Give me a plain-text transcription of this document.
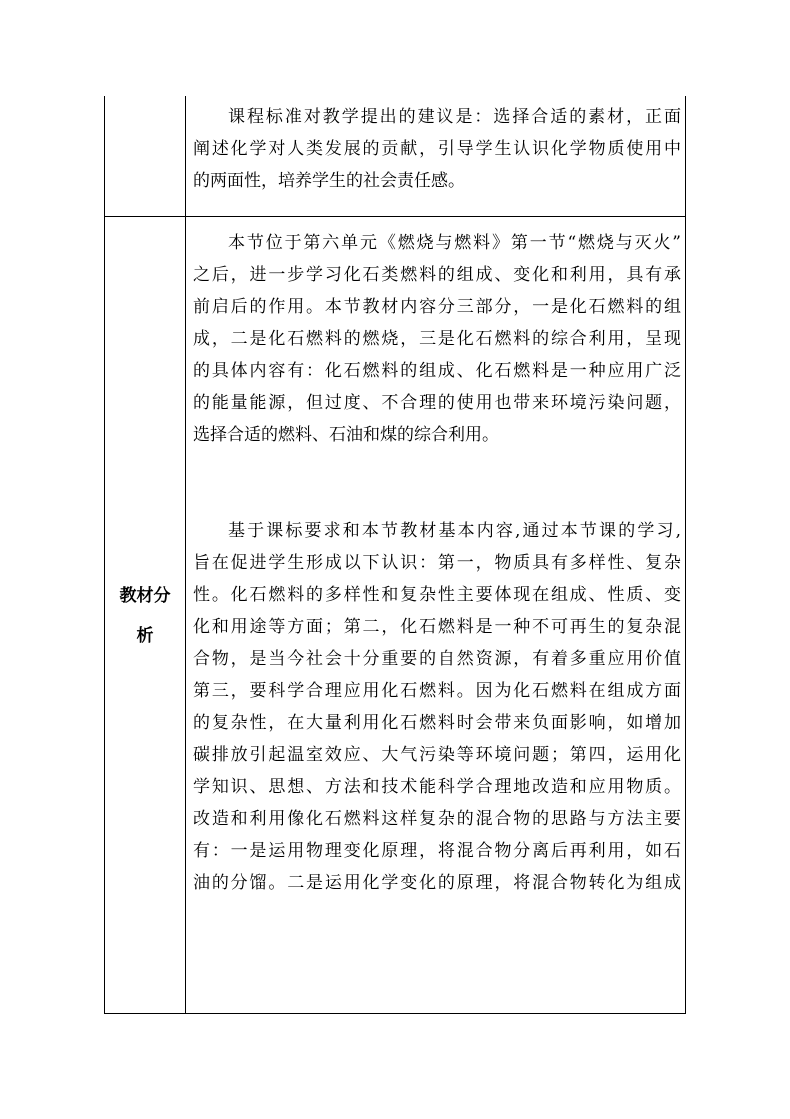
课程标准对教学提出的建议是：选择合适的素材，正面
阐述化学对人类发展的贡献，引导学生认识化学物质使用中
的两面性，培养学生的社会责任感。
教材分
析
本节位于第六单元《燃烧与燃料》第一节“燃烧与灭火”
之后，进一步学习化石类燃料的组成、变化和利用，具有承
前启后的作用。本节教材内容分三部分，一是化石燃料的组
成，二是化石燃料的燃烧，三是化石燃料的综合利用，呈现
的具体内容有：化石燃料的组成、化石燃料是一种应用广泛
的能量能源，但过度、不合理的使用也带来环境污染问题，
选择合适的燃料、石油和煤的综合利用。
基于课标要求和本节教材基本内容,通过本节课的学习,
旨在促进学生形成以下认识：第一，物质具有多样性、复杂
性。化石燃料的多样性和复杂性主要体现在组成、性质、变
化和用途等方面；第二，化石燃料是一种不可再生的复杂混
合物，是当今社会十分重要的自然资源，有着多重应用价值
第三，要科学合理应用化石燃料。因为化石燃料在组成方面
的复杂性，在大量利用化石燃料时会带来负面影响，如增加
碳排放引起温室效应、大气污染等环境问题；第四，运用化
学知识、思想、方法和技术能科学合理地改造和应用物质。
改造和利用像化石燃料这样复杂的混合物的思路与方法主要
有：一是运用物理变化原理，将混合物分离后再利用，如石
油的分馏。二是运用化学变化的原理，将混合物转化为组成
